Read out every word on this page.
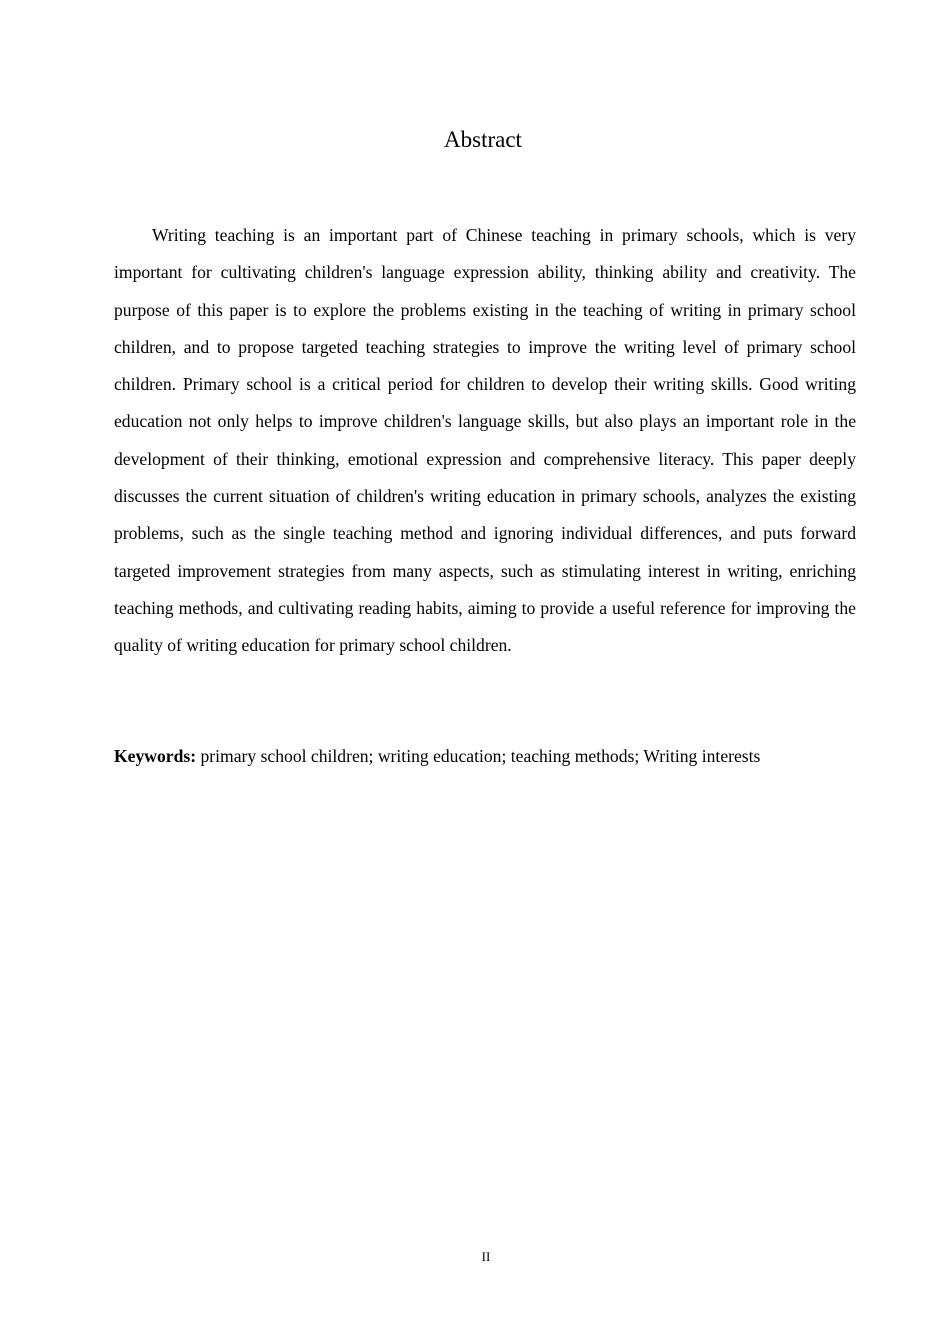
Abstract

Writing teaching is an important part of Chinese teaching in primary schools, which is very important for cultivating children's language expression ability, thinking ability and creativity. The purpose of this paper is to explore the problems existing in the teaching of writing in primary school children, and to propose targeted teaching strategies to improve the writing level of primary school children. Primary school is a critical period for children to develop their writing skills. Good writing education not only helps to improve children's language skills, but also plays an important role in the development of their thinking, emotional expression and comprehensive literacy. This paper deeply discusses the current situation of children's writing education in primary schools, analyzes the existing problems, such as the single teaching method and ignoring individual differences, and puts forward targeted improvement strategies from many aspects, such as stimulating interest in writing, enriching teaching methods, and cultivating reading habits, aiming to provide a useful reference for improving the quality of writing education for primary school children.

Keywords: primary school children; writing education; teaching methods; Writing interests

II
